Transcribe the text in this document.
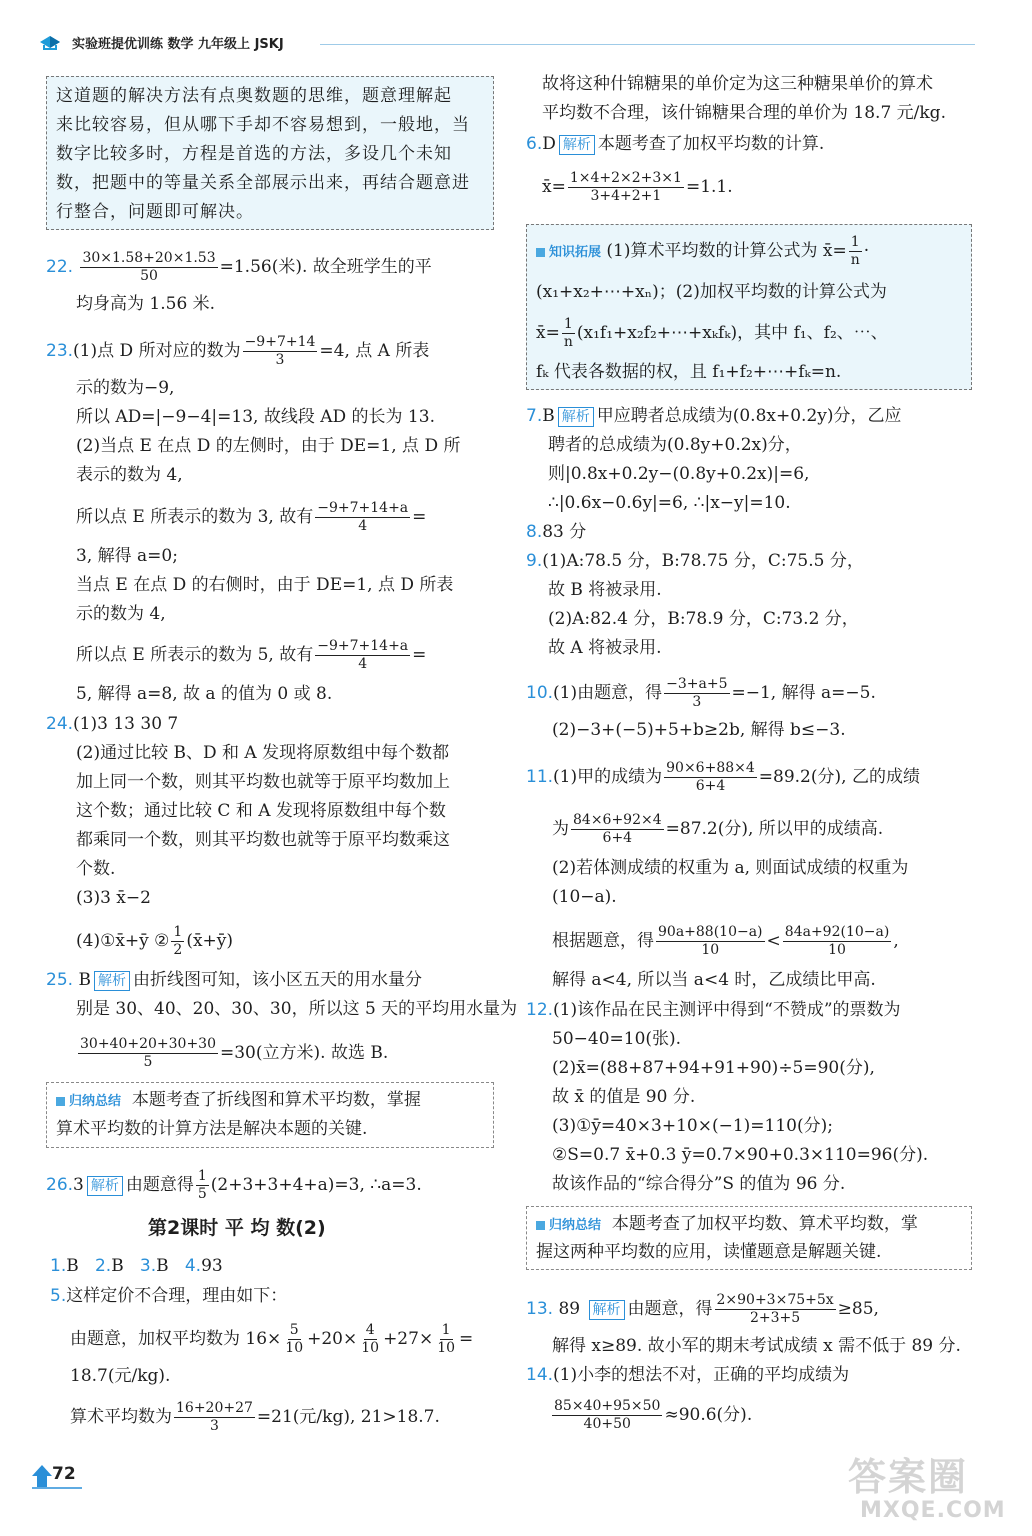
实验班提优训练 数学 九年级上 JSKJ
这道题的解决方法有点奥数题的思维，题意理解起
来比较容易，但从哪下手却不容易想到，一般地，当
数字比较多时，方程是首选的方法，多设几个未知
数，把题中的等量关系全部展示出来，再结合题意进
行整合，问题即可解决。
22. $\frac{30\times 1.58+20\times 1.53}{50} =1.56$(米). 故全班学生的平
均身高为 1.56 米.
23.(1)点 D 所对应的数为 $\frac{-9+7+14}{3} =4$, 点 A 所表
示的数为−9,
所以 AD=|−9−4|=13, 故线段 AD 的长为 13.
(2)当点 E 在点 D 的左侧时，由于 DE=1, 点 D 所
表示的数为 4,
所以点 E 所表示的数为 3, 故有 $\frac{-9+7+14+a}{4}$ =
3, 解得 a=0;
当点 E 在点 D 的右侧时，由于 DE=1, 点 D 所表
示的数为 4,
所以点 E 所表示的数为 5, 故有 $\frac{-9+7+14+a}{4}$ =
5, 解得 a=8, 故 a 的值为 0 或 8.
24.(1)3 13 30 7
(2)通过比较 B、D 和 A 发现将原数组中每个数都
加上同一个数，则其平均数也就等于原平均数加上
这个数；通过比较 C 和 A 发现将原数组中每个数
都乘同一个数，则其平均数也就等于原平均数乘这
个数.
(3)3 x̄−2
(4)①x̄+ȳ ② $\frac{1}{2}$ (x̄+ȳ)
25. B 解析 由折线图可知，该小区五天的用水量分
别是 30、40、20、30、30，所以这 5 天的平均用水量为
$\frac{30+40+20+30+30}{5} =30$(立方米). 故选 B.
归纳总结 本题考查了折线图和算术平均数，掌握
算术平均数的计算方法是解决本题的关键.
26.3 解析 由题意得 $\frac{1}{5} (2+3+3+4+a)=3$, ∴a=3.
第2课时 平 均 数(2)
1.B 2.B 3.B 4.93
5.这样定价不合理，理由如下：
由题意，加权平均数为 $16\times \frac{5}{10} +20\times \frac{4}{10} +27\times \frac{1}{10}$ =
18.7(元/kg).
算术平均数为 $\frac{16+20+27}{3} =21$(元/kg), 21>18.7.
故将这种什锦糖果的单价定为这三种糖果单价的算术
平均数不合理，该什锦糖果合理的单价为 18.7 元/kg.
6.D 解析 本题考查了加权平均数的计算.
x̄= $\frac{1\times 4+2\times 2+3\times 1}{3+4+2+1} =1.1$.
知识拓展 (1)算术平均数的计算公式为 x̄= $\frac{1}{n}$ ·
(x₁+x₂+⋯+xₙ)；(2)加权平均数的计算公式为
x̄= $\frac{1}{n}$ (x₁f₁+x₂f₂+⋯+xₖfₖ)，其中 f₁、f₂、⋯、
fₖ 代表各数据的权，且 f₁+f₂+⋯+fₖ=n.
7.B 解析 甲应聘者总成绩为(0.8x+0.2y)分，乙应
聘者的总成绩为(0.8y+0.2x)分，
则|0.8x+0.2y−(0.8y+0.2x)|=6,
∴|0.6x−0.6y|=6, ∴|x−y|=10.
8.83 分
9.(1)A:78.5 分，B:78.75 分，C:75.5 分，
故 B 将被录用.
(2)A:82.4 分，B:78.9 分，C:73.2 分，
故 A 将被录用.
10.(1)由题意，得 $\frac{-3+a+5}{3} =-1$, 解得 a=−5.
(2)−3+(−5)+5+b≥2b, 解得 b≤−3.
11.(1)甲的成绩为 $\frac{90\times 6+88\times 4}{6+4} =89.2$(分), 乙的成绩
为 $\frac{84\times 6+92\times 4}{6+4} =87.2$(分), 所以甲的成绩高.
(2)若体测成绩的权重为 a, 则面试成绩的权重为
(10−a).
根据题意，得 $\frac{90a+88(10-a)}{10} < \frac{84a+92(10-a)}{10}$ ,
解得 a<4, 所以当 a<4 时，乙成绩比甲高.
12.(1)该作品在民主测评中得到“不赞成”的票数为
50−40=10(张).
(2)x̄=(88+87+94+91+90)÷5=90(分),
故 x̄ 的值是 90 分.
(3)①ȳ=40×3+10×(−1)=110(分);
②S=0.7 x̄+0.3 ȳ=0.7×90+0.3×110=96(分).
故该作品的“综合得分”S 的值为 96 分.
归纳总结 本题考查了加权平均数、算术平均数，掌
握这两种平均数的应用，读懂题意是解题关键.
13. 89 解析 由题意，得 $\frac{2\times 90+3\times 75+5x}{2+3+5} \ge 85$,
解得 x≥89. 故小军的期末考试成绩 x 需不低于 89 分.
14.(1)小李的想法不对，正确的平均成绩为
$\frac{85\times 40+95\times 50}{40+50} \approx 90.6$(分).
72	答案圈
MXQE.COM
